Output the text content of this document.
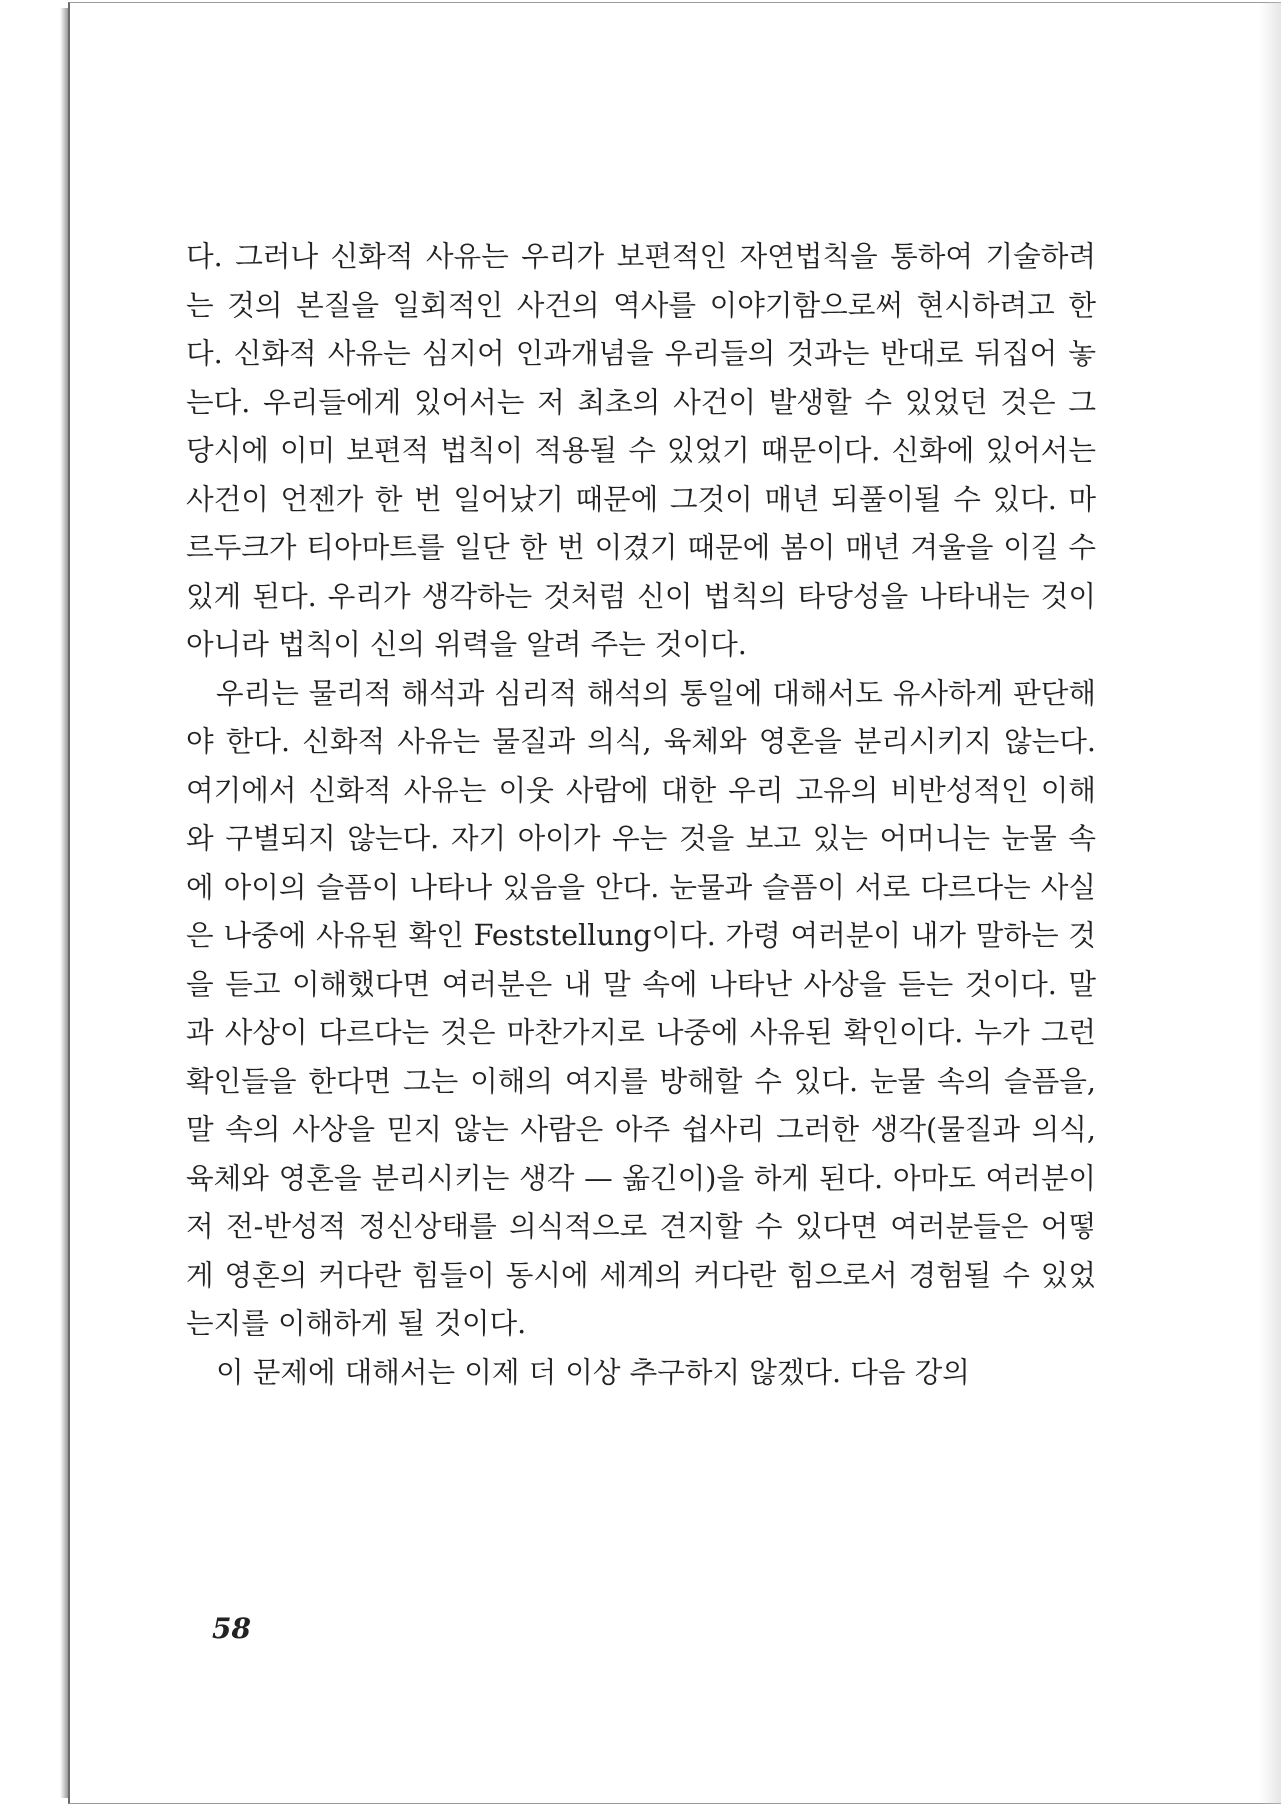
다. 그러나 신화적 사유는 우리가 보편적인 자연법칙을 통하여 기술하려는 것의 본질을 일회적인 사건의 역사를 이야기함으로써 현시하려고 한다. 신화적 사유는 심지어 인과개념을 우리들의 것과는 반대로 뒤집어 놓는다. 우리들에게 있어서는 저 최초의 사건이 발생할 수 있었던 것은 그 당시에 이미 보편적 법칙이 적용될 수 있었기 때문이다. 신화에 있어서는 사건이 언젠가 한 번 일어났기 때문에 그것이 매년 되풀이될 수 있다. 마르두크가 티아마트를 일단 한 번 이겼기 때문에 봄이 매년 겨울을 이길 수 있게 된다. 우리가 생각하는 것처럼 신이 법칙의 타당성을 나타내는 것이 아니라 법칙이 신의 위력을 알려 주는 것이다.

우리는 물리적 해석과 심리적 해석의 통일에 대해서도 유사하게 판단해야 한다. 신화적 사유는 물질과 의식, 육체와 영혼을 분리시키지 않는다. 여기에서 신화적 사유는 이웃 사람에 대한 우리 고유의 비반성적인 이해와 구별되지 않는다. 자기 아이가 우는 것을 보고 있는 어머니는 눈물 속에 아이의 슬픔이 나타나 있음을 안다. 눈물과 슬픔이 서로 다르다는 사실은 나중에 사유된 확인 Feststellung이다. 가령 여러분이 내가 말하는 것을 듣고 이해했다면 여러분은 내 말 속에 나타난 사상을 듣는 것이다. 말과 사상이 다르다는 것은 마찬가지로 나중에 사유된 확인이다. 누가 그런 확인들을 한다면 그는 이해의 여지를 방해할 수 있다. 눈물 속의 슬픔을, 말 속의 사상을 믿지 않는 사람은 아주 쉽사리 그러한 생각(물질과 의식, 육체와 영혼을 분리시키는 생각 — 옮긴이)을 하게 된다. 아마도 여러분이 저 전-반성적 정신상태를 의식적으로 견지할 수 있다면 여러분들은 어떻게 영혼의 커다란 힘들이 동시에 세계의 커다란 힘으로서 경험될 수 있었는지를 이해하게 될 것이다.

이 문제에 대해서는 이제 더 이상 추구하지 않겠다. 다음 강의

58
